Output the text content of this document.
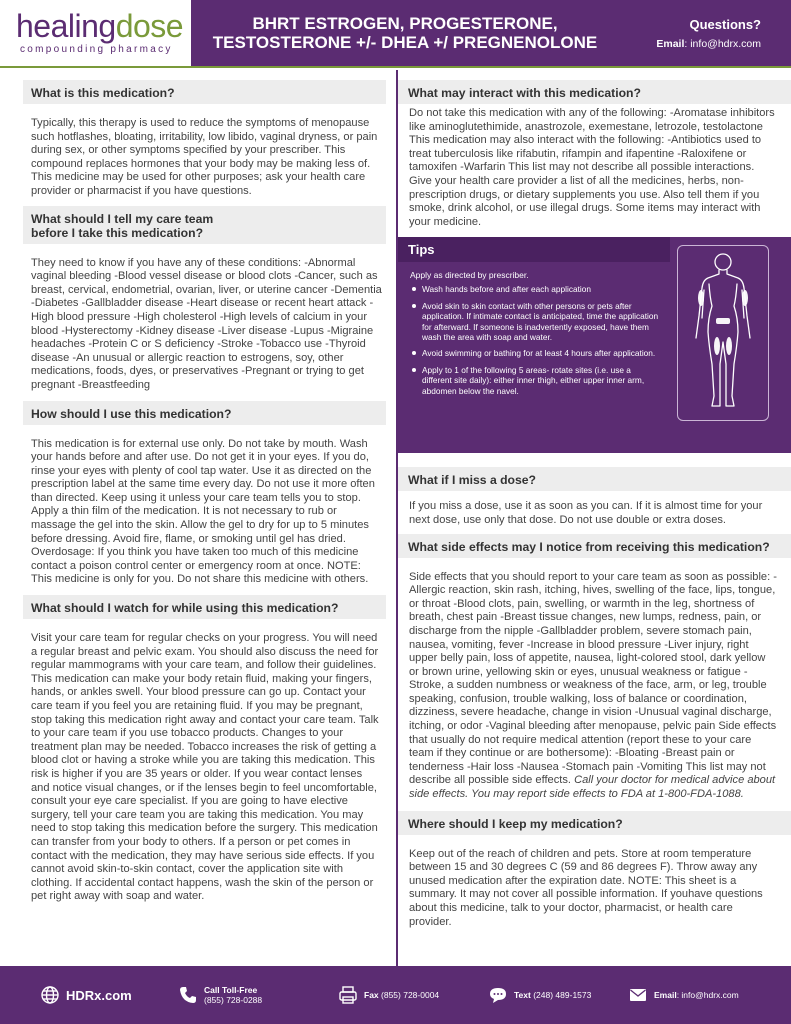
healingdose
compounding pharmacy
BHRT ESTROGEN, PROGESTERONE,
TESTOSTERONE +/- DHEA +/ PREGNENOLONE
Questions?
Email: info@hdrx.com
What is this medication?

Typically, this therapy is used to reduce the symptoms of menopause such hotflashes, bloating, irritability, low libido, vaginal dryness, or pain during sex, or other symptoms specified by your prescriber. This compound replaces hormones that your body may be making less of. This medicine may be used for other purposes; ask your health care provider or pharmacist if you have questions.

What should I tell my care team
before I take this medication?

They need to know if you have any of these conditions: -Abnormal vaginal bleeding -Blood vessel disease or blood clots -Cancer, such as breast, cervical, endometrial, ovarian, liver, or uterine cancer -Dementia -Diabetes -Gallbladder disease -Heart disease or recent heart attack -High blood pressure -High cholesterol -High levels of calcium in your blood -Hysterectomy -Kidney disease -Liver disease -Lupus -Migraine headaches -Protein C or S deficiency -Stroke -Tobacco use -Thyroid disease -An unusual or allergic reaction to estrogens, soy, other medications, foods, dyes, or preservatives -Pregnant or trying to get pregnant -Breastfeeding

How should I use this medication?

This medication is for external use only. Do not take by mouth. Wash your hands before and after use. Do not get it in your eyes. If you do, rinse your eyes with plenty of cool tap water. Use it as directed on the prescription label at the same time every day. Do not use it more often than directed. Keep using it unless your care team tells you to stop. Apply a thin film of the medication. It is not necessary to rub or massage the gel into the skin. Allow the gel to dry for up to 5 minutes before dressing. Avoid fire, flame, or smoking until gel has dried. Overdosage: If you think you have taken too much of this medicine contact a poison control center or emergency room at once. NOTE: This medicine is only for you. Do not share this medicine with others.

What should I watch for while using this medication?

Visit your care team for regular checks on your progress. You will need a regular breast and pelvic exam. You should also discuss the need for regular mammograms with your care team, and follow their guidelines. This medication can make your body retain fluid, making your fingers, hands, or ankles swell. Your blood pressure can go up. Contact your care team if you feel you are retaining fluid. If you may be pregnant, stop taking this medication right away and contact your care team. Talk to your care team if you use tobacco products. Changes to your treatment plan may be needed. Tobacco increases the risk of getting a blood clot or having a stroke while you are taking this medication. This risk is higher if you are 35 years or older. If you wear contact lenses and notice visual changes, or if the lenses begin to feel uncomfortable, consult your eye care specialist. If you are going to have elective surgery, tell your care team you are taking this medication. You may need to stop taking this medication before the surgery. This medication can transfer from your body to others. If a person or pet comes in contact with the medication, they may have serious side effects. If you cannot avoid skin-to-skin contact, cover the application site with clothing. If accidental contact happens, wash the skin of the person or pet right away with soap and water.

What may interact with this medication?

Do not take this medication with any of the following: -Aromatase inhibitors like aminoglutethimide, anastrozole, exemestane, letrozole, testolactone This medication may also interact with the following: -Antibiotics used to treat tuberculosis like rifabutin, rifampin and ifapentine -Raloxifene or tamoxifen -Warfarin This list may not describe all possible interactions. Give your health care provider a list of all the medicines, herbs, non-prescription drugs, or dietary supplements you use. Also tell them if you smoke, drink alcohol, or use illegal drugs. Some items may interact with your medicine.

Tips
Apply as directed by prescriber.
Wash hands before and after each application
Avoid skin to skin contact with other persons or pets after application. If intimate contact is anticipated, time the application for afterward. If someone is inadvertently exposed, have them wash the area with soap and water.
Avoid swimming or bathing for at least 4 hours after application.
Apply to 1 of the following 5 areas- rotate sites (i.e. use a different site daily): either inner thigh, either upper inner arm, abdomen below the navel.
What if I miss a dose?

If you miss a dose, use it as soon as you can. If it is almost time for your next dose, use only that dose. Do not use double or extra doses.

What side effects may I notice from receiving this medication?

Side effects that you should report to your care team as soon as possible: -Allergic reaction, skin rash, itching, hives, swelling of the face, lips, tongue, or throat -Blood clots, pain, swelling, or warmth in the leg, shortness of breath, chest pain -Breast tissue changes, new lumps, redness, pain, or discharge from the nipple -Gallbladder problem, severe stomach pain, nausea, vomiting, fever -Increase in blood pressure -Liver injury, right upper belly pain, loss of appetite, nausea, light-colored stool, dark yellow or brown urine, yellowing skin or eyes, unusual weakness or fatigue -Stroke, a sudden numbness or weakness of the face, arm, or leg, trouble speaking, confusion, trouble walking, loss of balance or coordination, dizziness, severe headache, change in vision -Unusual vaginal discharge, itching, or odor -Vaginal bleeding after menopause, pelvic pain Side effects that usually do not require medical attention (report these to your care team if they continue or are bothersome): -Bloating -Breast pain or tenderness -Hair loss -Nausea -Stomach pain -Vomiting This list may not describe all possible side effects. Call your doctor for medical advice about side effects. You may report side effects to FDA at 1-800-FDA-1088.

Where should I keep my medication?

Keep out of the reach of children and pets. Store at room temperature between 15 and 30 degrees C (59 and 86 degrees F). Throw away any unused medication after the expiration date. NOTE: This sheet is a summary. It may not cover all possible information. If youhave questions about this medicine, talk to your doctor, pharmacist, or health care provider.

HDRx.com	Call Toll-Free
(855) 728-0288	Fax (855) 728-0004	Text (248) 489-1573	Email: info@hdrx.com
